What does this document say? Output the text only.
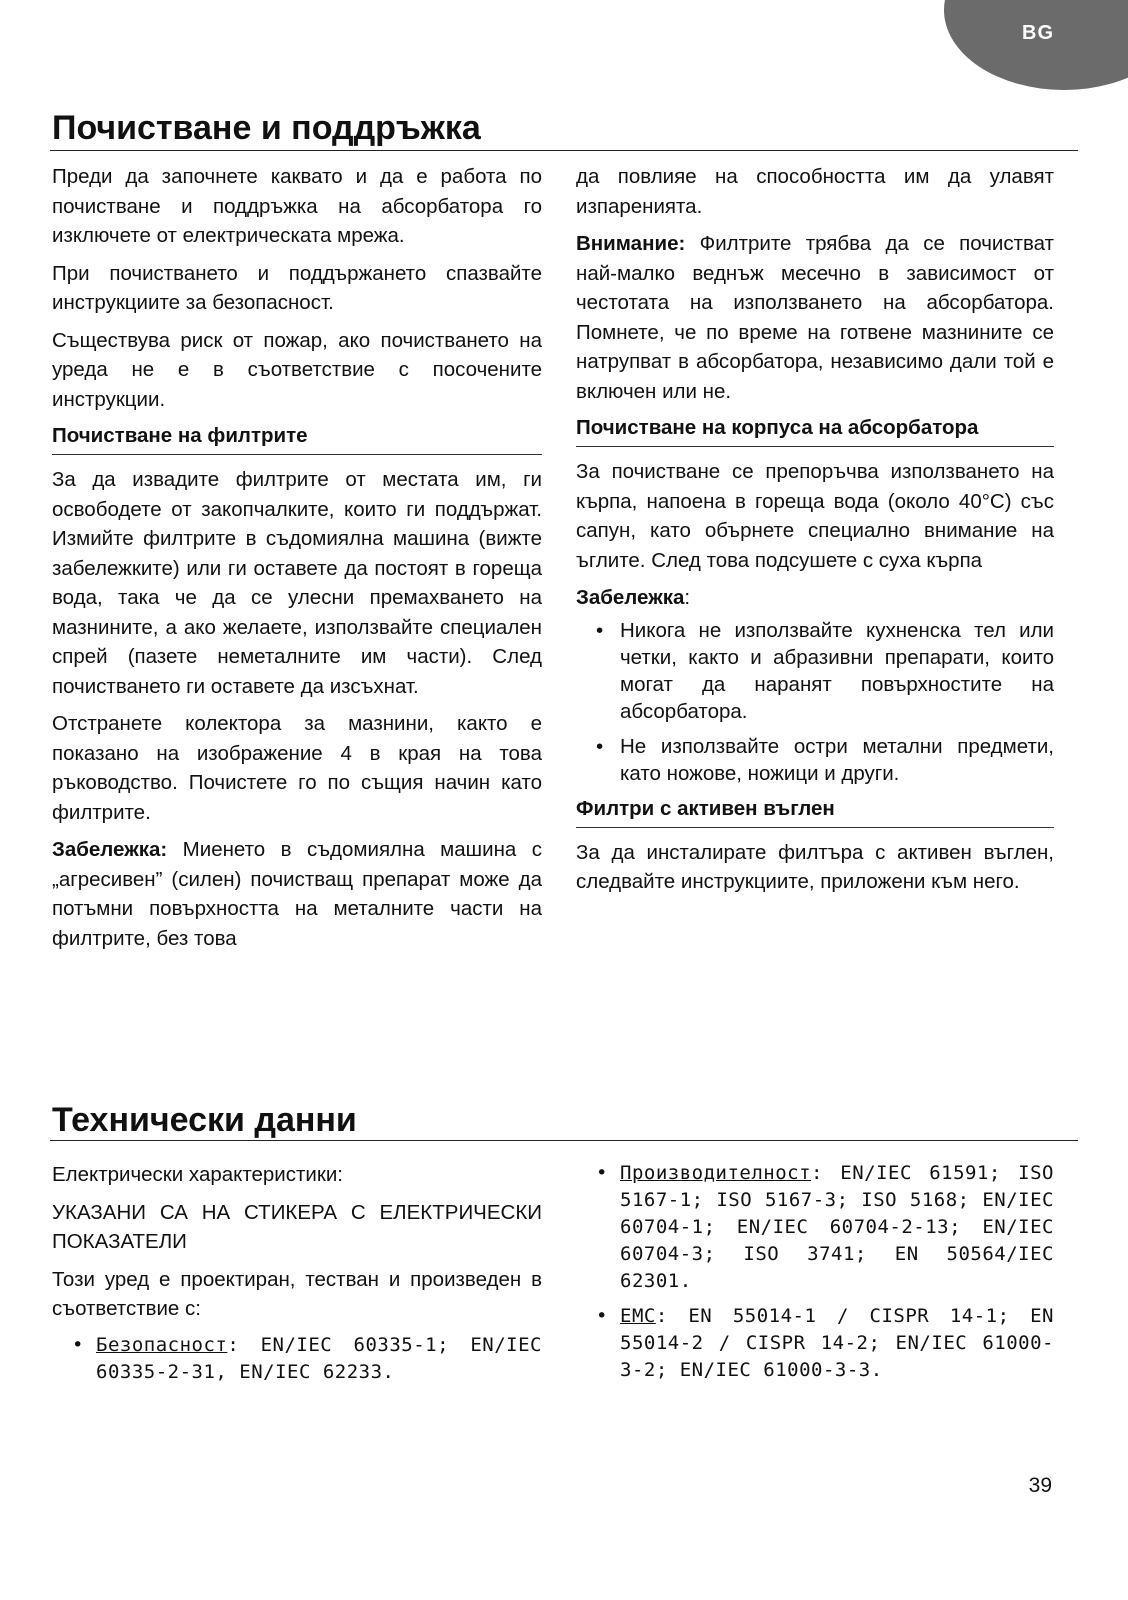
BG
Почистване и поддръжка

Преди да започнете каквато и да е работа по почистване и поддръжка на абсорбатора го изключете от електрическата мрежа.

При почистването и поддържането спазвайте инструкциите за безопасност.

Съществува риск от пожар, ако почистването на уреда не е в съответствие с посочените инструкции.

Почистване на филтрите

За да извадите филтрите от местата им, ги освободете от закопчалките, които ги поддържат. Измийте филтрите в съдомиялна машина (вижте забележките) или ги оставете да постоят в гореща вода, така че да се улесни премахването на мазнините, а ако желаете, използвайте специален спрей (пазете неметалните им части). След почистването ги оставете да изсъхнат.

Отстранете колектора за мазнини, както е показано на изображение 4 в края на това ръководство. Почистете го по същия начин като филтрите.

Забележка: Миенето в съдомиялна машина с „агресивен” (силен) почистващ препарат може да потъмни повърхността на металните части на филтрите, без това

да повлияе на способността им да улавят изпаренията.

Внимание: Филтрите трябва да се почистват най-малко веднъж месечно в зависимост от честотата на използването на абсорбатора. Помнете, че по време на готвене мазнините се натрупват в абсорбатора, независимо дали той е включен или не.

Почистване на корпуса на абсорбатора

За почистване се препоръчва използването на кърпа, напоена в гореща вода (около 40°C) със сапун, като обърнете специално внимание на ъглите. След това подсушете с суха кърпа

Забележка:

• Никога не използвайте кухненска тел или четки, както и абразивни препарати, които могат да наранят повърхностите на абсорбатора.
• Не използвайте остри метални предмети, като ножове, ножици и други.
Филтри с активен въглен

За да инсталирате филтъра с активен въглен, следвайте инструкциите, приложени към него.

Технически данни

Електрически характеристики:

УКАЗАНИ СА НА СТИКЕРА С ЕЛЕКТРИЧЕСКИ ПОКАЗАТЕЛИ

Този уред е проектиран, тестван и произведен в съответствие с:

• Безопасност: EN/IEC 60335-1; EN/IEC 60335-2-31, EN/IEC 62233.
• Производителност: EN/IEC 61591; ISO 5167-1; ISO 5167-3; ISO 5168; EN/IEC 60704-1; EN/IEC 60704-2-13; EN/IEC 60704-3; ISO 3741; EN 50564/IEC 62301.
• EMC: EN 55014-1 / CISPR 14-1; EN 55014-2 / CISPR 14-2; EN/IEC 61000-3-2; EN/IEC 61000-3-3.
39
